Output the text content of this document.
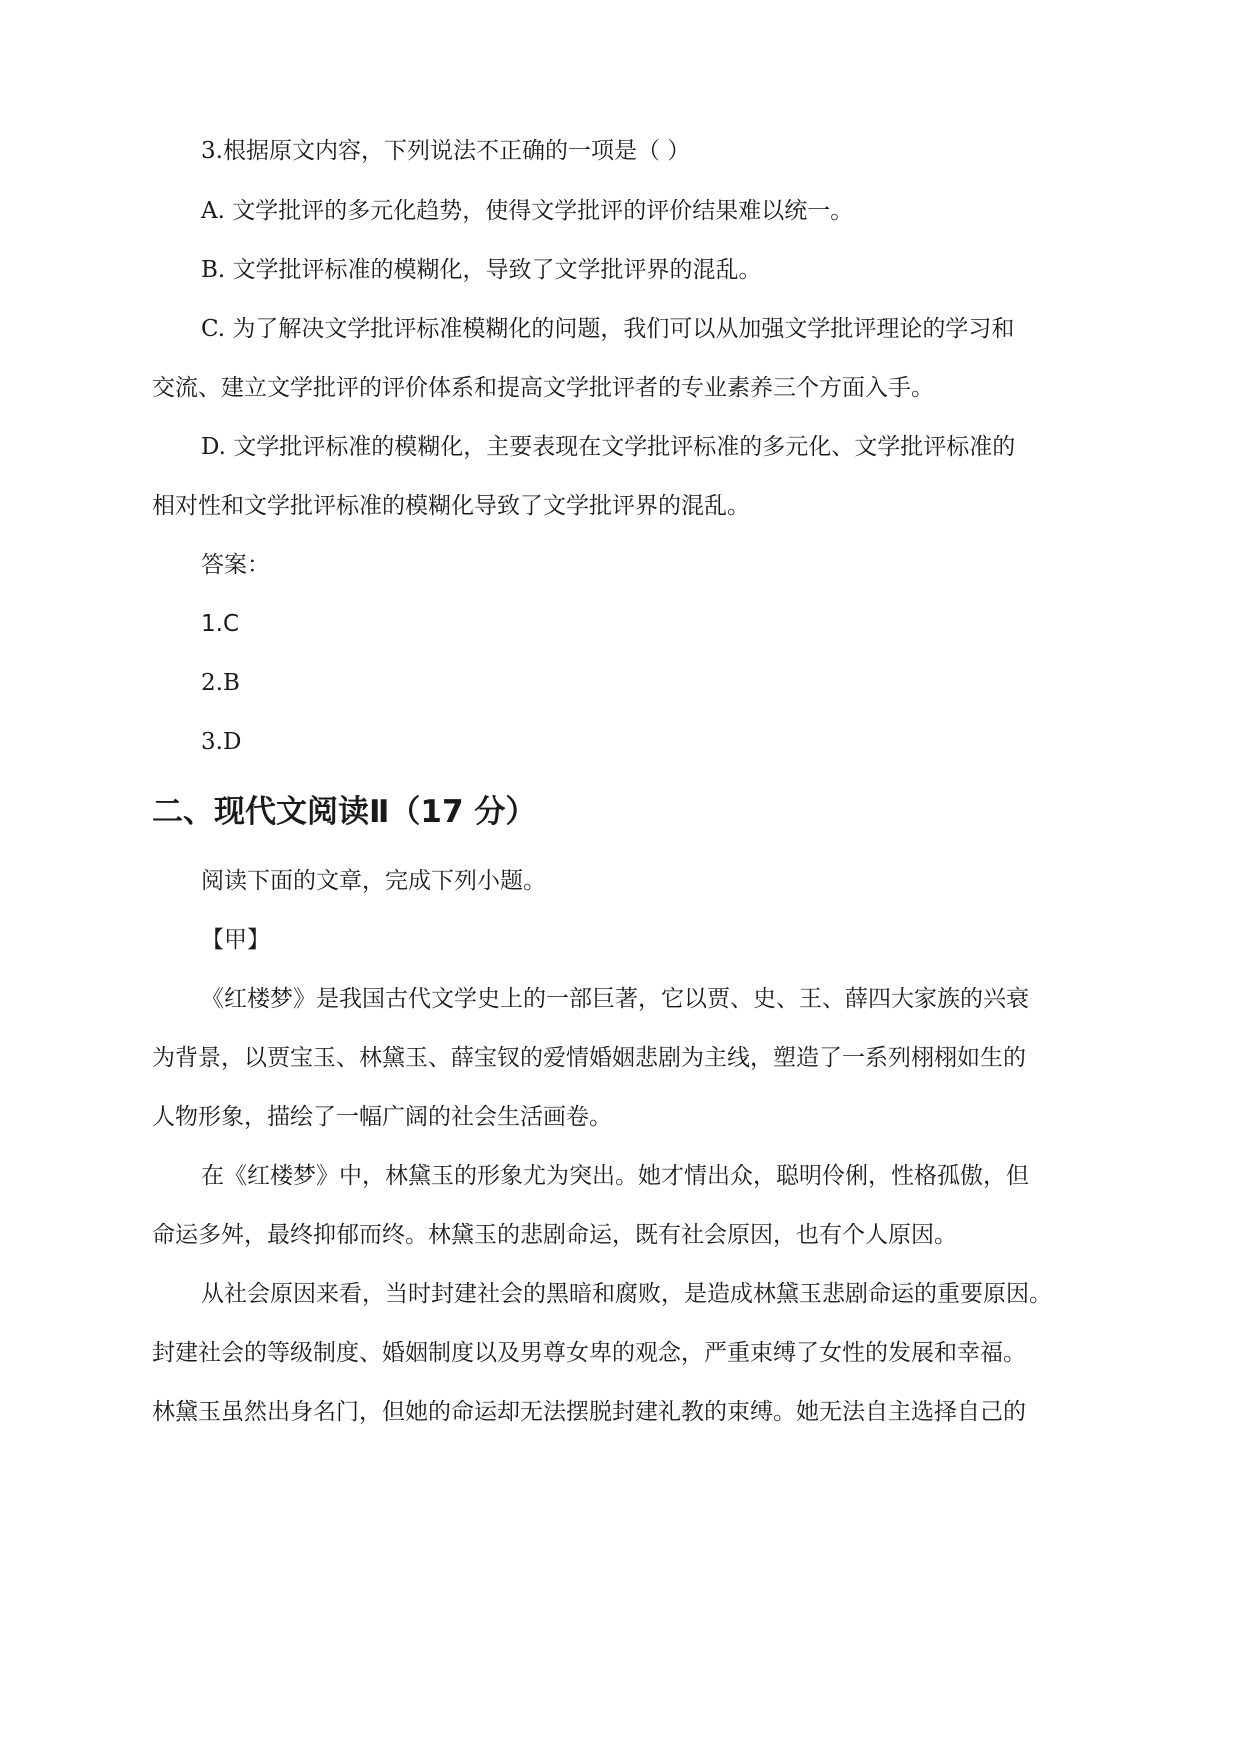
3.根据原文内容，下列说法不正确的一项是（ ）

A. 文学批评的多元化趋势，使得文学批评的评价结果难以统一。

B. 文学批评标准的模糊化，导致了文学批评界的混乱。

C. 为了解决文学批评标准模糊化的问题，我们可以从加强文学批评理论的学习和

交流、建立文学批评的评价体系和提高文学批评者的专业素养三个方面入手。

D. 文学批评标准的模糊化，主要表现在文学批评标准的多元化、文学批评标准的

相对性和文学批评标准的模糊化导致了文学批评界的混乱。

答案：

1.C

2.B

3.D

二、现代文阅读Ⅱ（17 分）

阅读下面的文章，完成下列小题。

【甲】

《红楼梦》是我国古代文学史上的一部巨著，它以贾、史、王、薛四大家族的兴衰

为背景，以贾宝玉、林黛玉、薛宝钗的爱情婚姻悲剧为主线，塑造了一系列栩栩如生的

人物形象，描绘了一幅广阔的社会生活画卷。

在《红楼梦》中，林黛玉的形象尤为突出。她才情出众，聪明伶俐，性格孤傲，但

命运多舛，最终抑郁而终。林黛玉的悲剧命运，既有社会原因，也有个人原因。

从社会原因来看，当时封建社会的黑暗和腐败，是造成林黛玉悲剧命运的重要原因。

封建社会的等级制度、婚姻制度以及男尊女卑的观念，严重束缚了女性的发展和幸福。

林黛玉虽然出身名门，但她的命运却无法摆脱封建礼教的束缚。她无法自主选择自己的
